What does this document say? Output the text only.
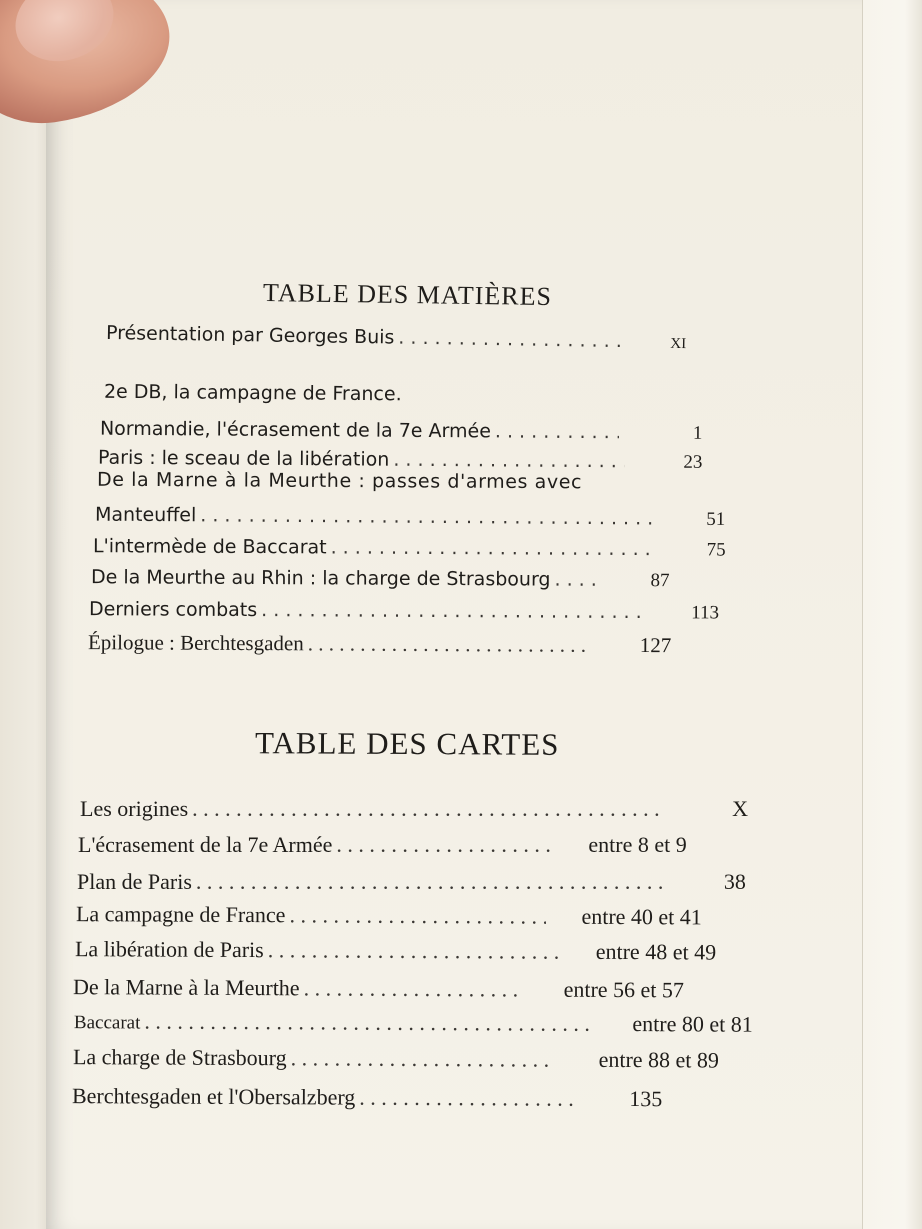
TABLE DES MATIÈRES
Présentation par Georges Buis . . .	XI
2e DB, la campagne de France.
Normandie, l'écrasement de la 7e Armée . . .	1
Paris : le sceau de la libération . . .	23
De la Marne à la Meurthe : passes d'armes avec
Manteuffel . . .	51
L'intermède de Baccarat . . .	75
De la Meurthe au Rhin : la charge de Strasbourg . . .	87
Derniers combats . . .	113
Épilogue : Berchtesgaden . . .	127
TABLE DES CARTES
Les origines . . .	X
L'écrasement de la 7e Armée . . .	entre 8 et 9
Plan de Paris . . .	38
La campagne de France . . .	entre 40 et 41
La libération de Paris . . .	entre 48 et 49
De la Marne à la Meurthe . . .	entre 56 et 57
Baccarat . . .	entre 80 et 81
La charge de Strasbourg . . .	entre 88 et 89
Berchtesgaden et l'Obersalzberg . . .	135
